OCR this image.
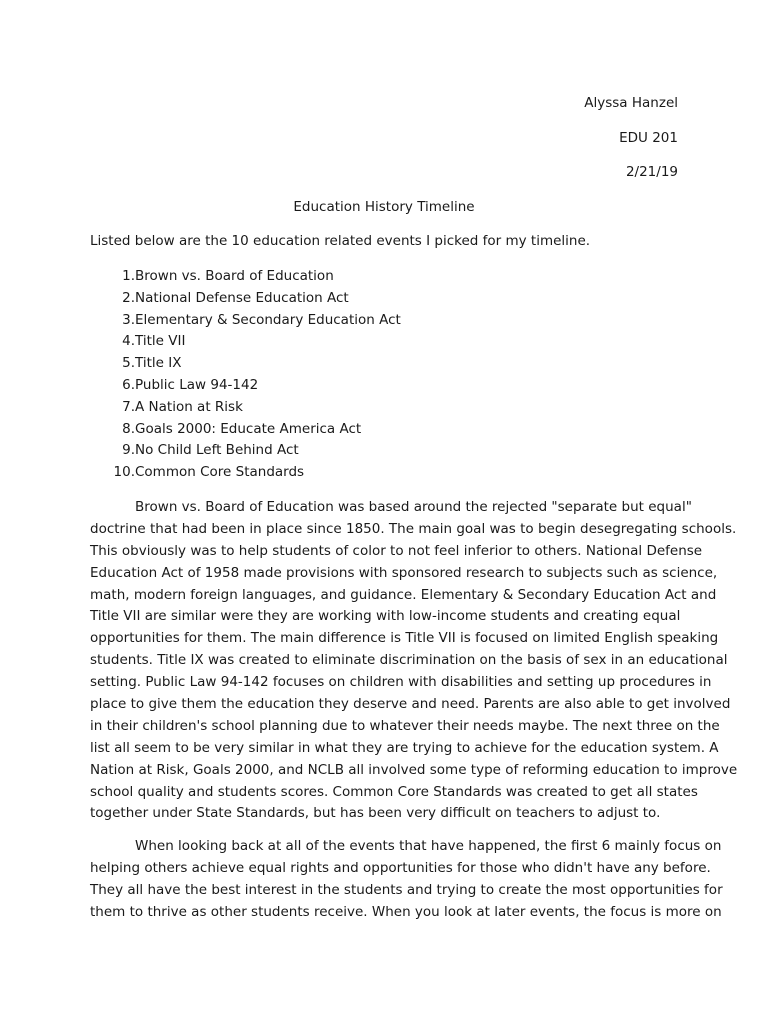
Alyssa Hanzel
EDU 201
2/21/19
Education History Timeline
Listed below are the 10 education related events I picked for my timeline.
1.Brown vs. Board of Education
2.National Defense Education Act
3.Elementary & Secondary Education Act
4.Title VII
5.Title IX
6.Public Law 94-142
7.A Nation at Risk
8.Goals 2000: Educate America Act
9.No Child Left Behind Act
10.Common Core Standards
Brown vs. Board of Education was based around the rejected "separate but equal"
doctrine that had been in place since 1850. The main goal was to begin desegregating schools.
This obviously was to help students of color to not feel inferior to others. National Defense
Education Act of 1958 made provisions with sponsored research to subjects such as science,
math, modern foreign languages, and guidance. Elementary & Secondary Education Act and
Title VII are similar were they are working with low-income students and creating equal
opportunities for them. The main difference is Title VII is focused on limited English speaking
students. Title IX was created to eliminate discrimination on the basis of sex in an educational
setting. Public Law 94-142 focuses on children with disabilities and setting up procedures in
place to give them the education they deserve and need. Parents are also able to get involved
in their children's school planning due to whatever their needs maybe. The next three on the
list all seem to be very similar in what they are trying to achieve for the education system. A
Nation at Risk, Goals 2000, and NCLB all involved some type of reforming education to improve
school quality and students scores. Common Core Standards was created to get all states
together under State Standards, but has been very difficult on teachers to adjust to.
When looking back at all of the events that have happened, the first 6 mainly focus on
helping others achieve equal rights and opportunities for those who didn't have any before.
They all have the best interest in the students and trying to create the most opportunities for
them to thrive as other students receive. When you look at later events, the focus is more on
